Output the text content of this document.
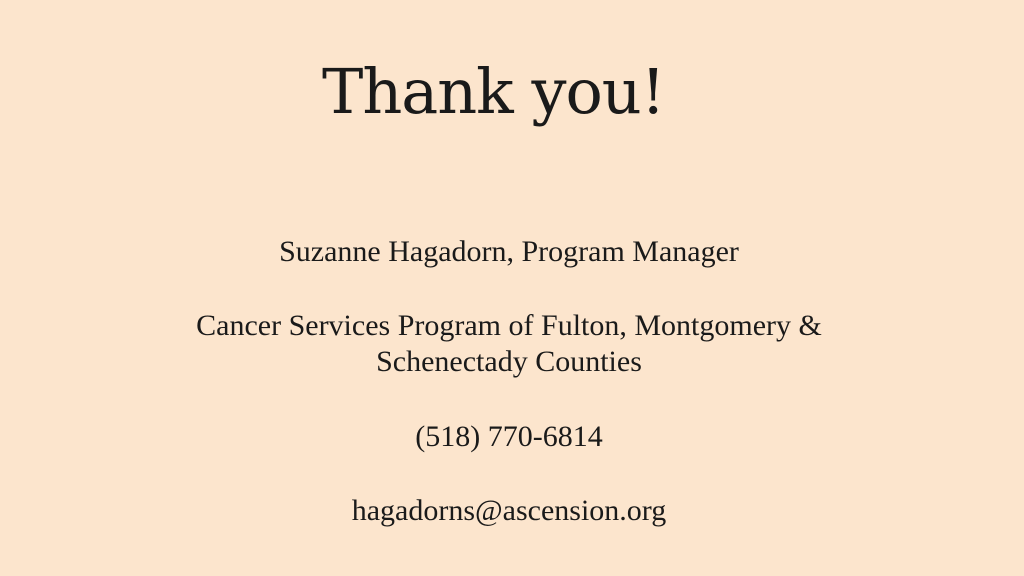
Thank you!
Suzanne Hagadorn, Program Manager
Cancer Services Program of Fulton, Montgomery &
Schenectady Counties
(518) 770-6814
hagadorns@ascension.org
